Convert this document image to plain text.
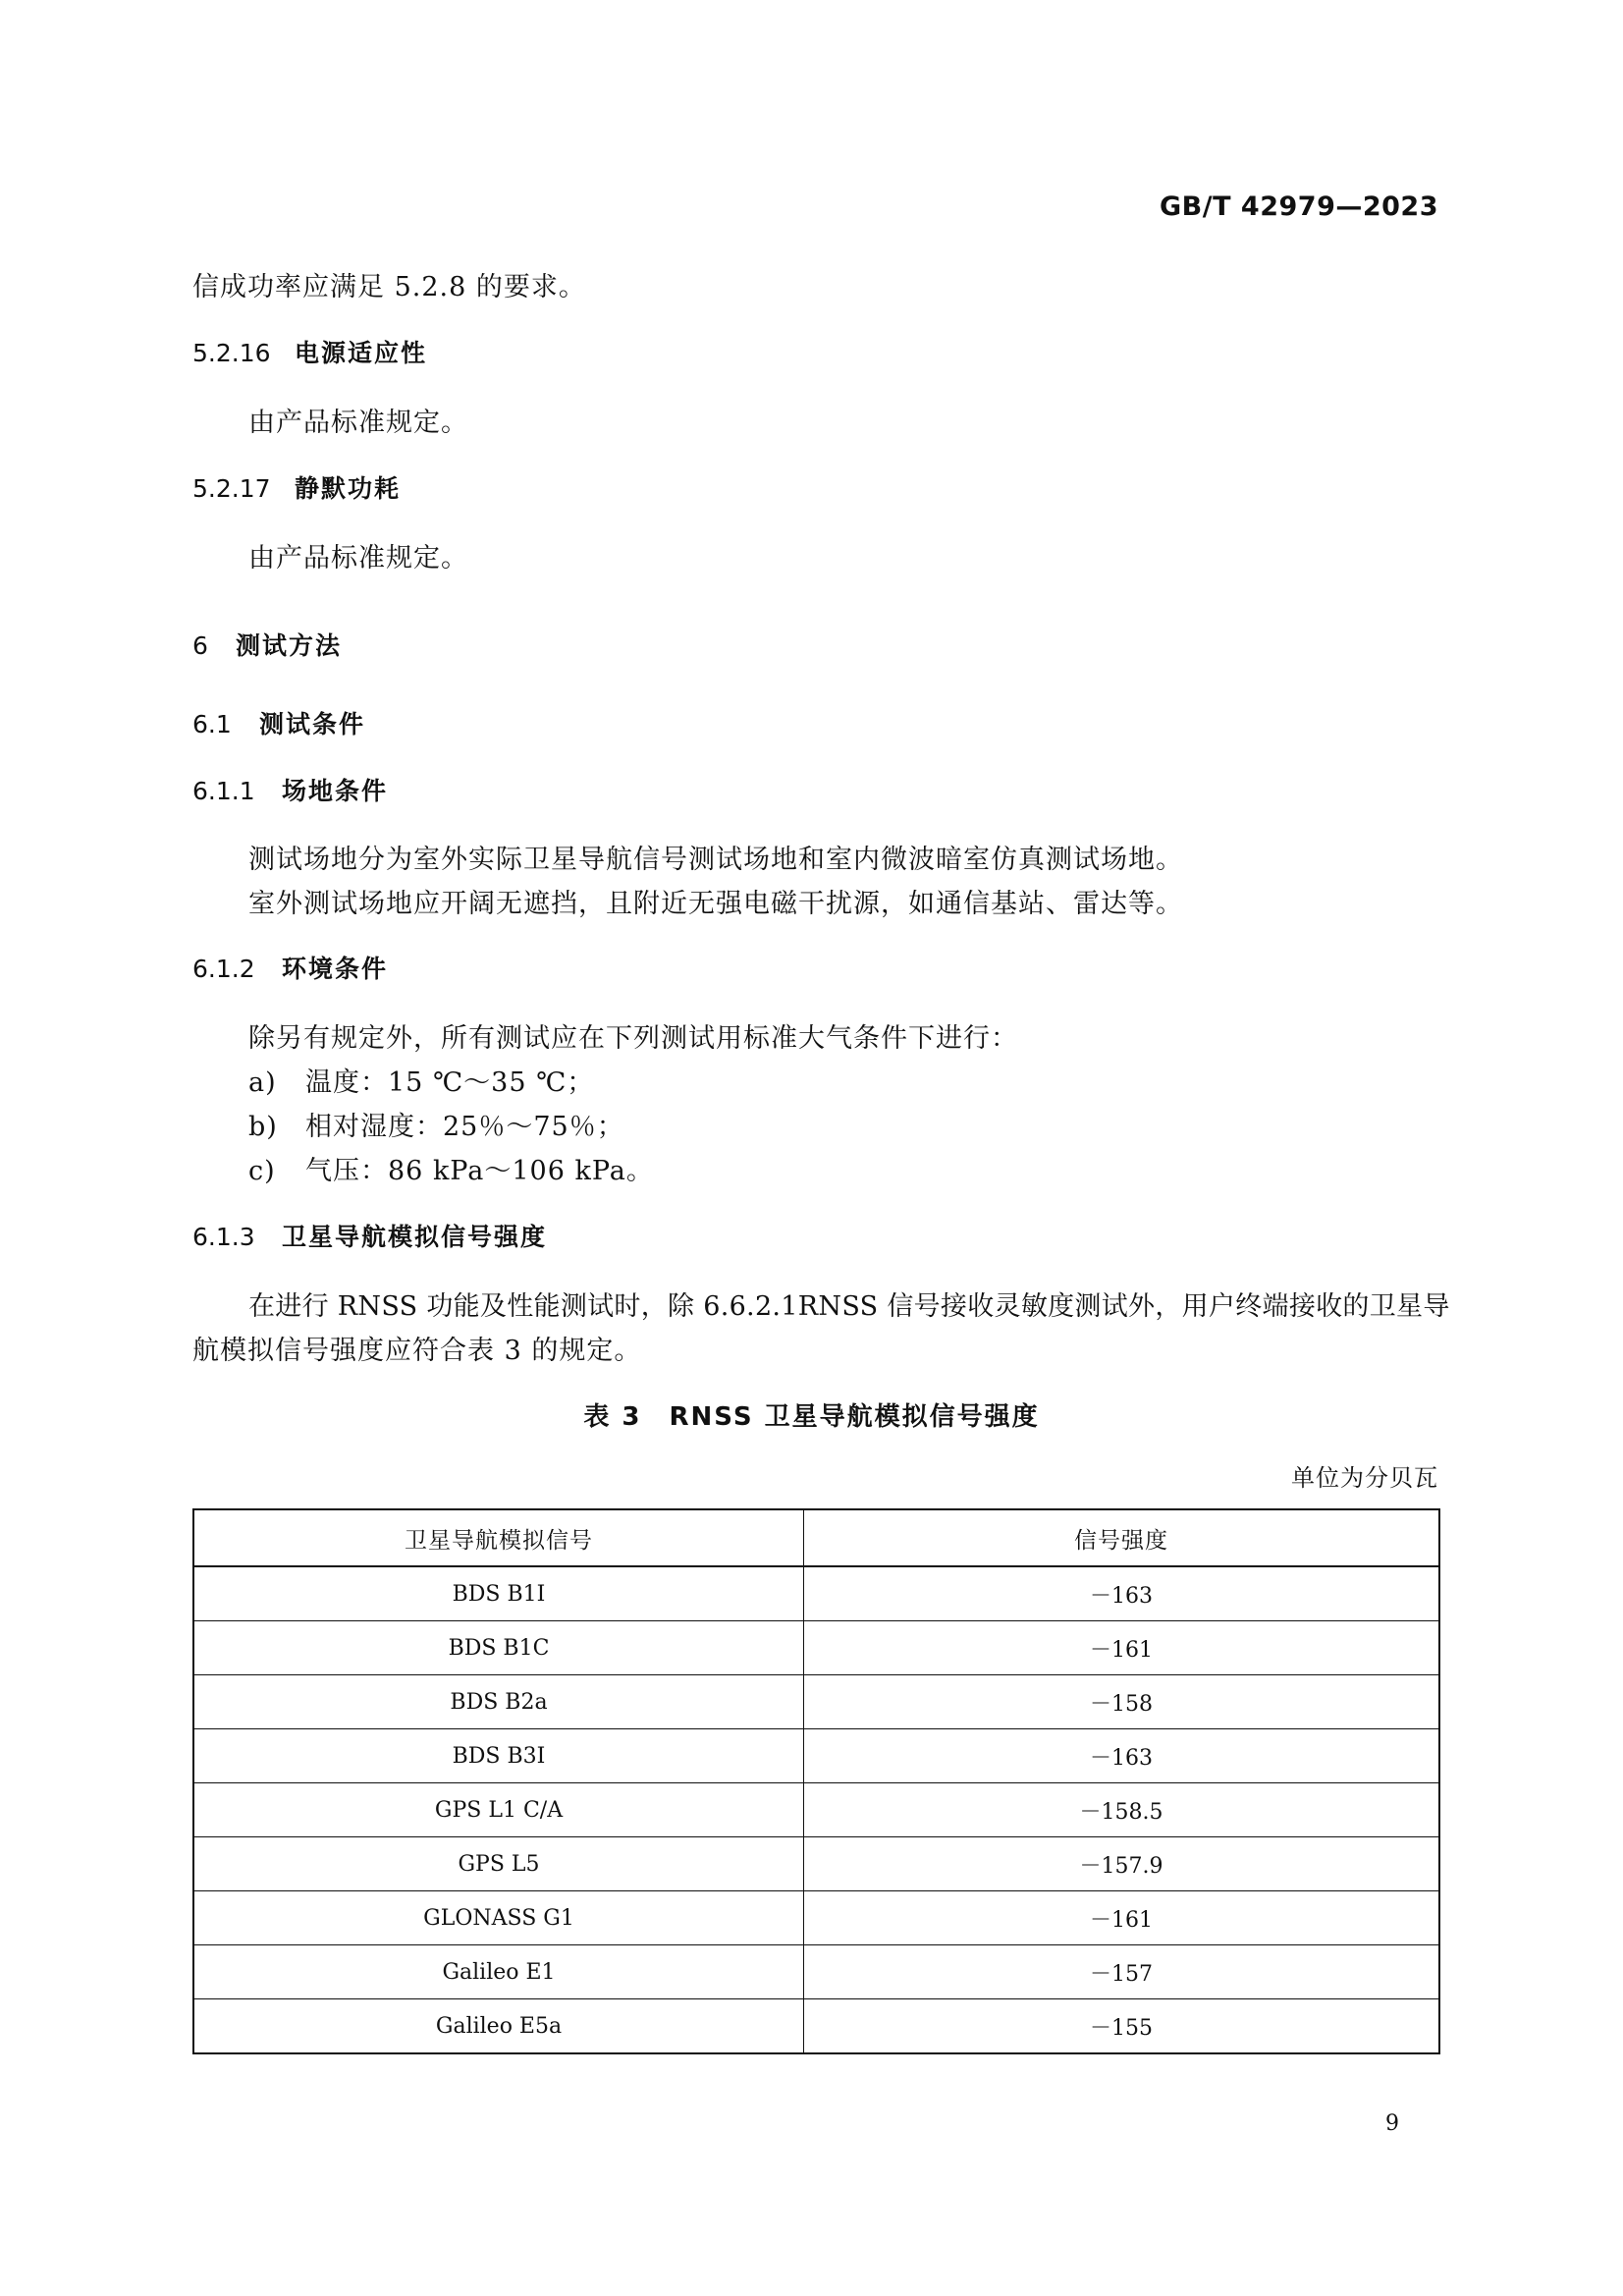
GB/T 42979—2023
信成功率应满足 5.2.8 的要求。
5.2.16 电源适应性
由产品标准规定。
5.2.17 静默功耗
由产品标准规定。
6 测试方法
6.1 测试条件
6.1.1 场地条件
测试场地分为室外实际卫星导航信号测试场地和室内微波暗室仿真测试场地。
室外测试场地应开阔无遮挡，且附近无强电磁干扰源，如通信基站、雷达等。
6.1.2 环境条件
除另有规定外，所有测试应在下列测试用标准大气条件下进行：
a) 温度：15 ℃～35 ℃；
b) 相对湿度：25％～75％；
c) 气压：86 kPa～106 kPa。
6.1.3 卫星导航模拟信号强度
在进行 RNSS 功能及性能测试时，除 6.6.2.1RNSS 信号接收灵敏度测试外，用户终端接收的卫星导
航模拟信号强度应符合表 3 的规定。
表 3　RNSS 卫星导航模拟信号强度
单位为分贝瓦
卫星导航模拟信号	信号强度
BDS B1I	－163
BDS B1C	－161
BDS B2a	－158
BDS B3I	－163
GPS L1 C/A	－158.5
GPS L5	－157.9
GLONASS G1	－161
Galileo E1	－157
Galileo E5a	－155
9
